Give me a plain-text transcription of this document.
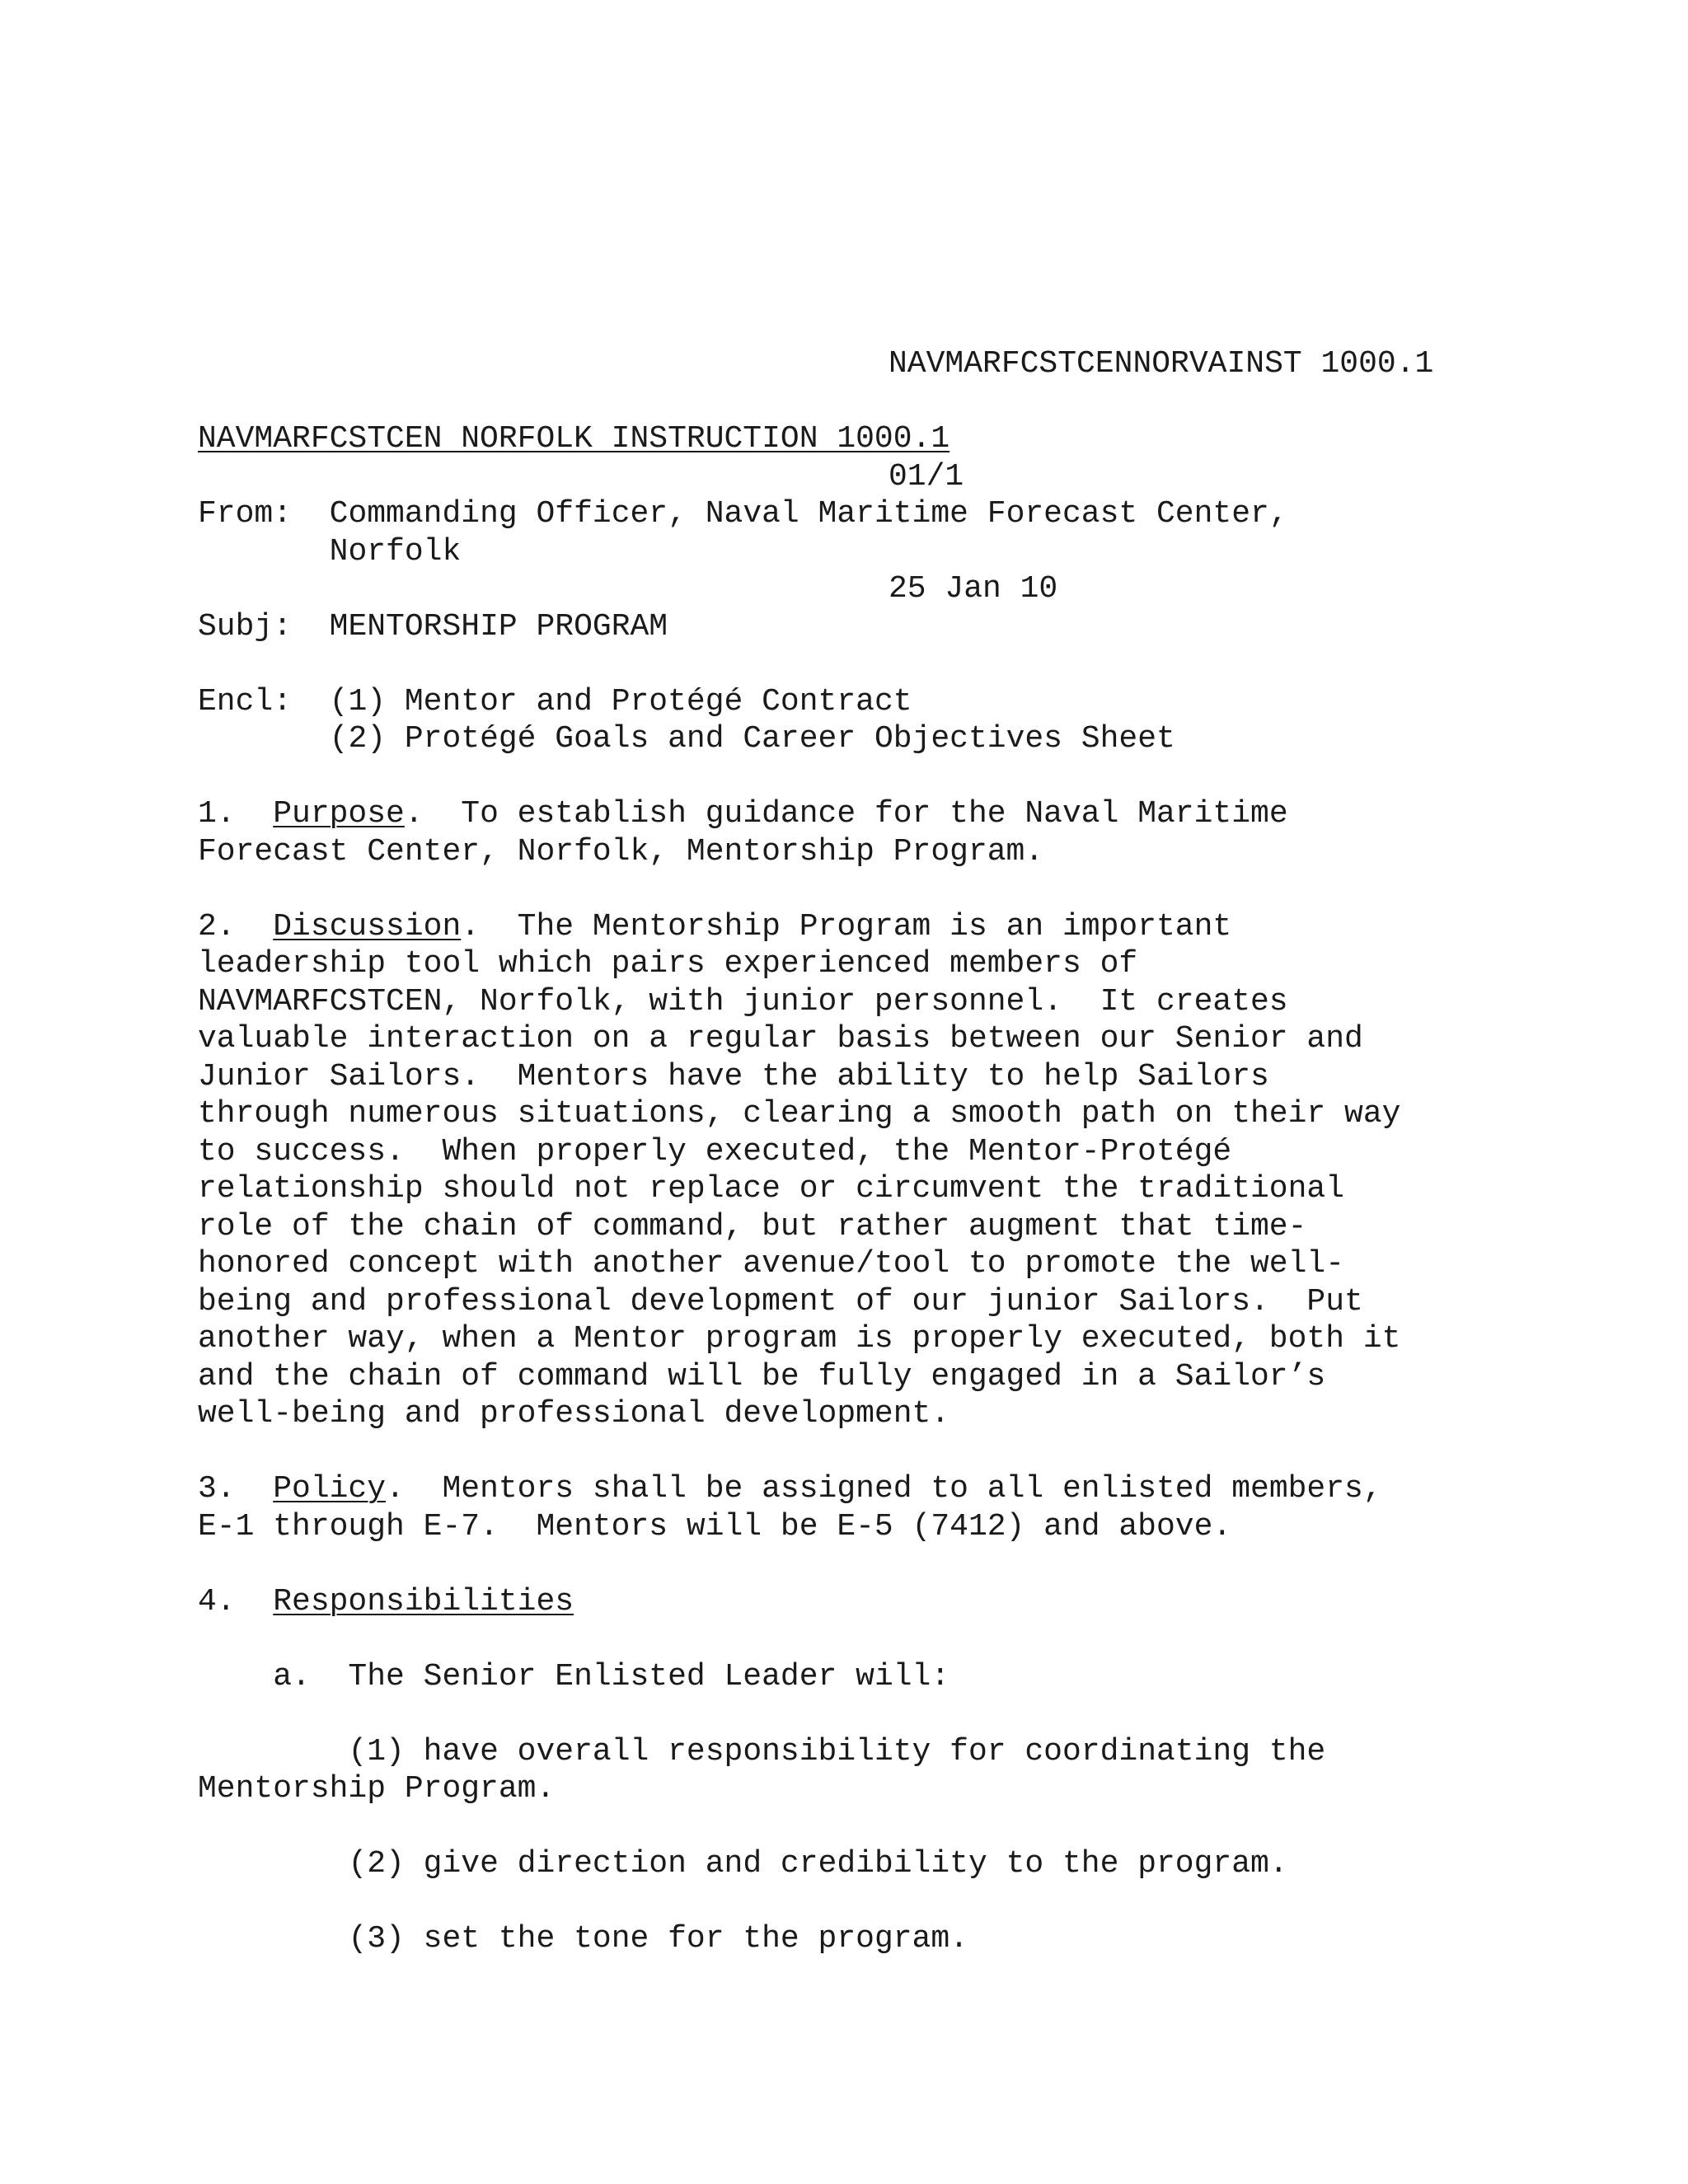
NAVMARFCSTCENNORVAINST 1000.1

01/1

25 Jan 10

NAVMARFCSTCEN NORFOLK INSTRUCTION 1000.1
From: Commanding Officer, Naval Maritime Forecast Center,
Norfolk
Subj: MENTORSHIP PROGRAM
Encl: (1) Mentor and Protégé Contract
(2) Protégé Goals and Career Objectives Sheet
1. Purpose.  To establish guidance for the Naval Maritime
Forecast Center, Norfolk, Mentorship Program.
2. Discussion.  The Mentorship Program is an important
leadership tool which pairs experienced members of
NAVMARFCSTCEN, Norfolk, with junior personnel.  It creates
valuable interaction on a regular basis between our Senior and
Junior Sailors.  Mentors have the ability to help Sailors
through numerous situations, clearing a smooth path on their way
to success.  When properly executed, the Mentor-Protégé
relationship should not replace or circumvent the traditional
role of the chain of command, but rather augment that time-
honored concept with another avenue/tool to promote the well-
being and professional development of our junior Sailors.  Put
another way, when a Mentor program is properly executed, both it
and the chain of command will be fully engaged in a Sailor’s
well-being and professional development.
3. Policy.  Mentors shall be assigned to all enlisted members,
E-1 through E-7.  Mentors will be E-5 (7412) and above.
4. Responsibilities
a.  The Senior Enlisted Leader will:
(1) have overall responsibility for coordinating the
Mentorship Program.
(2) give direction and credibility to the program.
(3) set the tone for the program.
